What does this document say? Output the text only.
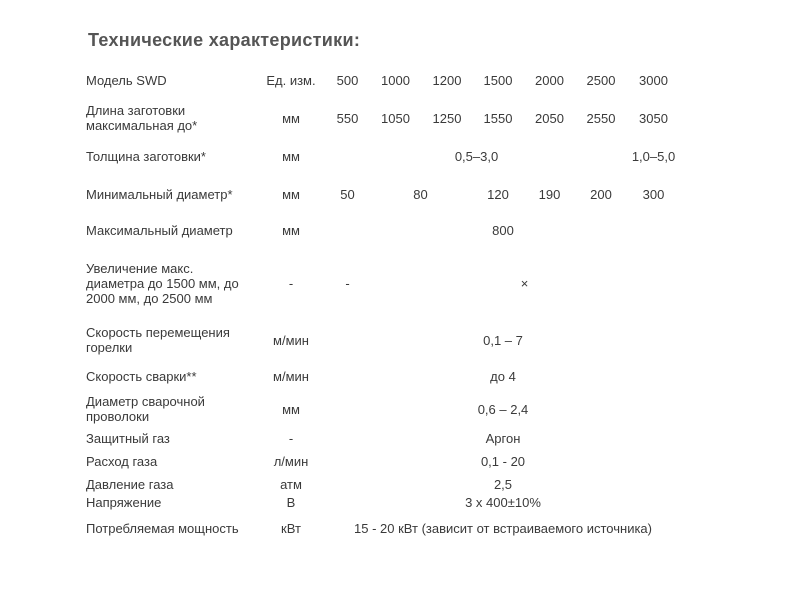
Технические характеристики:
Модель SWD	Ед. изм.	500	1000	1200	1500	2000	2500	3000
Длина заготовки максимальная до*	мм	550	1050	1250	1550	2050	2550	3050
Толщина заготовки*	мм	0,5–3,0						1,0–5,0
Минимальный диаметр*	мм	50	80		120	190	200	300
Максимальный диаметр	мм	800						
Увеличение макс. диаметра до 1500 мм, до 2000 мм, до 2500 мм	-	-	×					
Скорость перемещения горелки	м/мин	0,1 – 7						
Скорость сварки**	м/мин	до 4						
Диаметр сварочной проволоки	мм	0,6 – 2,4						
Защитный газ	-	Аргон						
Расход газа	л/мин	0,1 - 20						
Давление газа	атм	2,5						
Напряжение	В	3 х 400±10%						
Потребляемая мощность	кВт	15 - 20 кВт (зависит от встраиваемого источника)						
